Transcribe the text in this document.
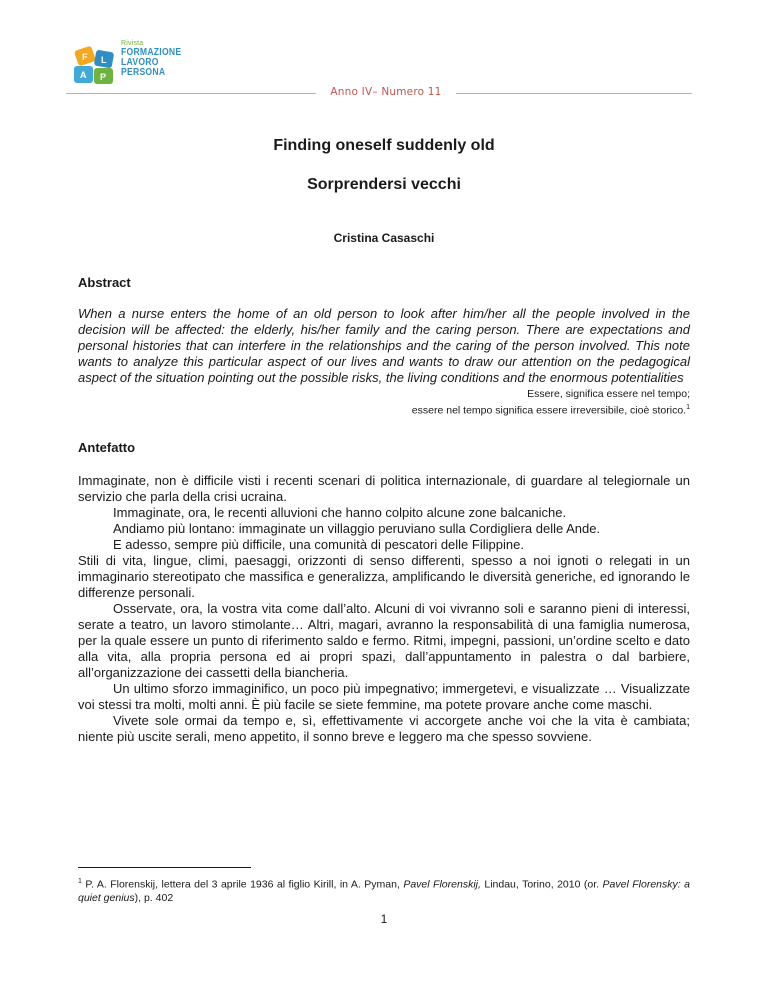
F L
A P
Rivista
FORMAZIONE
LAVORO
PERSONA
Anno IV– Numero 11
Finding oneself suddenly old
Sorprendersi vecchi
Cristina Casaschi
Abstract

When a nurse enters the home of an old person to look after him/her all the people involved in the decision will be affected: the elderly, his/her family and the caring person. There are expectations and personal histories that can interfere in the relationships and the caring of the person involved. This note wants to analyze this particular aspect of our lives and wants to draw our attention on the pedagogical aspect of the situation pointing out the possible risks, the living conditions and the enormous potentialities

Essere, significa essere nel tempo;
essere nel tempo significa essere irreversibile, cioè storico.$^1$
Antefatto

Immaginate, non è difficile visti i recenti scenari di politica internazionale, di guardare al telegiornale un servizio che parla della crisi ucraina.

Immaginate, ora, le recenti alluvioni che hanno colpito alcune zone balcaniche.

Andiamo più lontano: immaginate un villaggio peruviano sulla Cordigliera delle Ande.

E adesso, sempre più difficile, una comunità di pescatori delle Filippine.

Stili di vita, lingue, climi, paesaggi, orizzonti di senso differenti, spesso a noi ignoti o relegati in un immaginario stereotipato che massifica e generalizza, amplificando le diversità generiche, ed ignorando le differenze personali.

Osservate, ora, la vostra vita come dall’alto. Alcuni di voi vivranno soli e saranno pieni di interessi, serate a teatro, un lavoro stimolante… Altri, magari, avranno la responsabilità di una famiglia numerosa, per la quale essere un punto di riferimento saldo e fermo. Ritmi, impegni, passioni, un’ordine scelto e dato alla vita, alla propria persona ed ai propri spazi, dall’appuntamento in palestra o dal barbiere, all’organizzazione dei cassetti della biancheria.

Un ultimo sforzo immaginifico, un poco più impegnativo; immergetevi, e visualizzate … Visualizzate voi stessi tra molti, molti anni. È più facile se siete femmine, ma potete provare anche come maschi.

Vivete sole ormai da tempo e, sì, effettivamente vi accorgete anche voi che la vita è cambiata; niente più uscite serali, meno appetito, il sonno breve e leggero ma che spesso sovviene.

$^1$ P. A. Florenskij, lettera del 3 aprile 1936 al figlio Kirill, in A. Pyman, Pavel Florenskij, Lindau, Torino, 2010 (or. Pavel Florensky: a quiet genius), p. 402
1
